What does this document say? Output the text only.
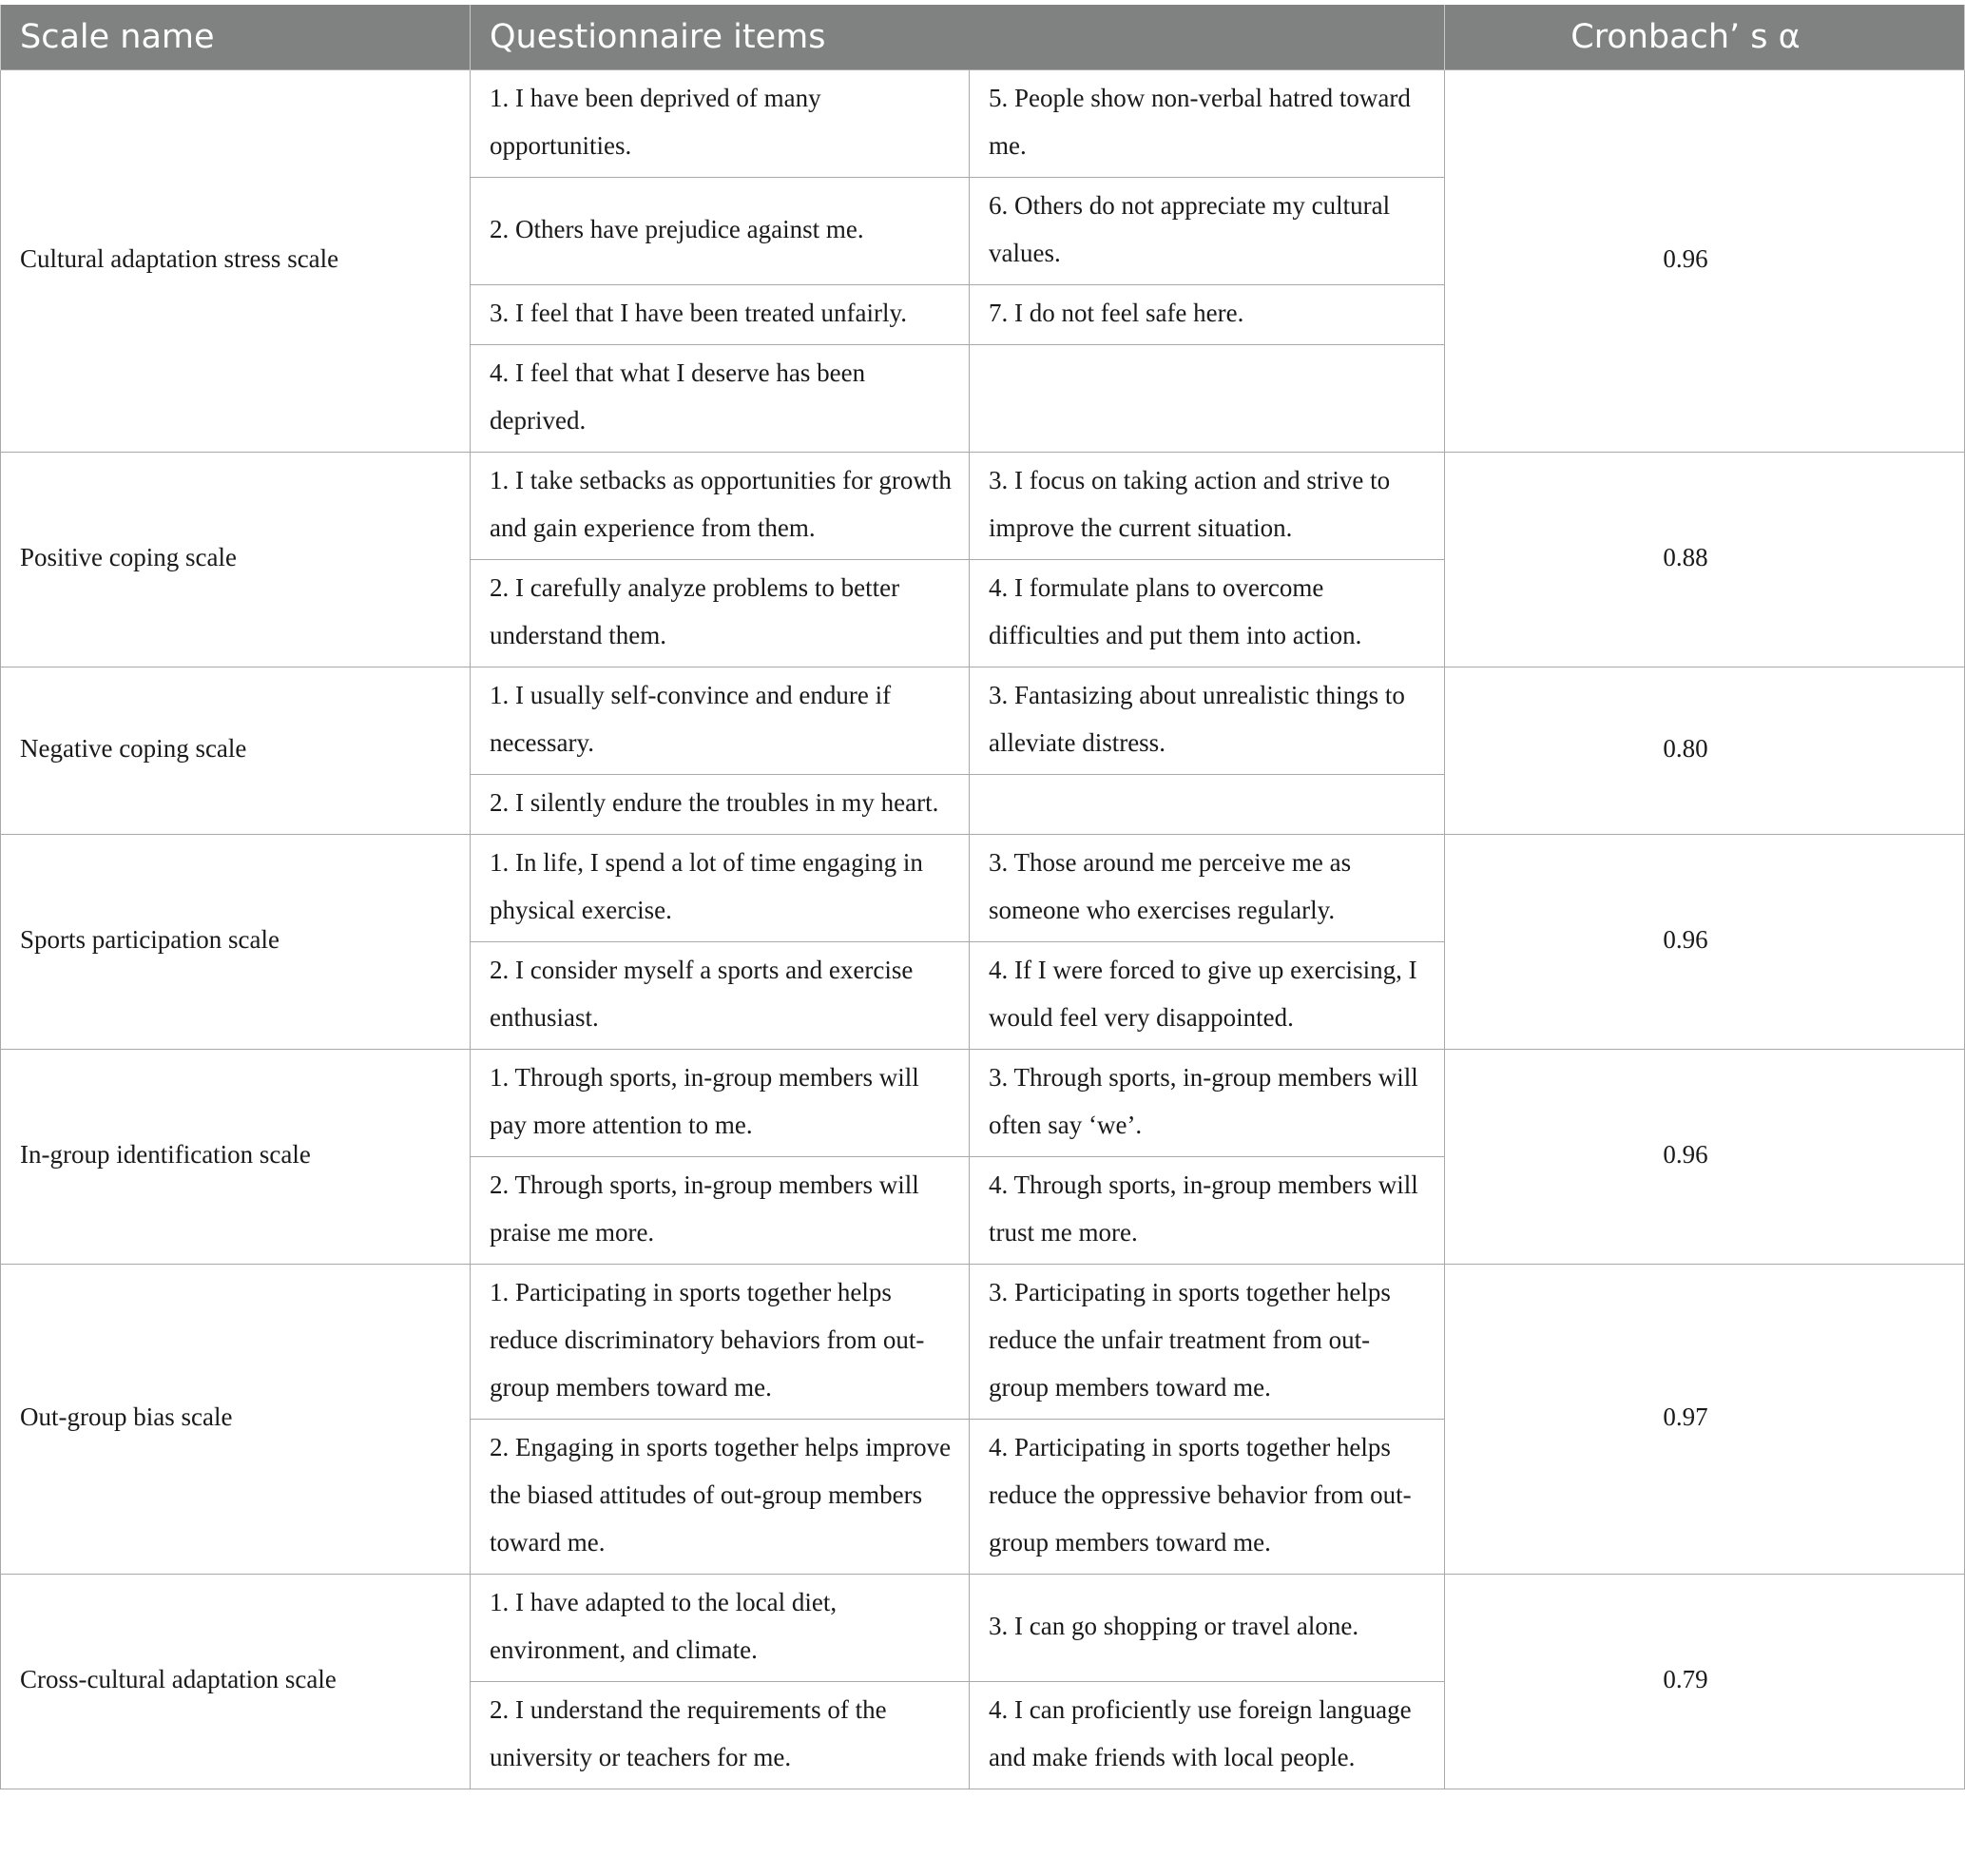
Scale name	Questionnaire items		Cronbach’ s α
Cultural adaptation stress scale	1. I have been deprived of many opportunities.	5. People show non-verbal hatred toward me.	0.96
	2. Others have prejudice against me.	6. Others do not appreciate my cultural values.	
	3. I feel that I have been treated unfairly.	7. I do not feel safe here.	
	4. I feel that what I deserve has been deprived.		
Positive coping scale	1. I take setbacks as opportunities for growth and gain experience from them.	3. I focus on taking action and strive to improve the current situation.	0.88
	2. I carefully analyze problems to better understand them.	4. I formulate plans to overcome difficulties and put them into action.	
Negative coping scale	1. I usually self-convince and endure if necessary.	3. Fantasizing about unrealistic things to alleviate distress.	0.80
	2. I silently endure the troubles in my heart.		
Sports participation scale	1. In life, I spend a lot of time engaging in physical exercise.	3. Those around me perceive me as someone who exercises regularly.	0.96
	2. I consider myself a sports and exercise enthusiast.	4. If I were forced to give up exercising, I would feel very disappointed.	
In-group identification scale	1. Through sports, in-group members will pay more attention to me.	3. Through sports, in-group members will often say ‘we’.	0.96
	2. Through sports, in-group members will praise me more.	4. Through sports, in-group members will trust me more.	
Out-group bias scale	1. Participating in sports together helps reduce discriminatory behaviors from out-group members toward me.	3. Participating in sports together helps reduce the unfair treatment from out-group members toward me.	0.97
	2. Engaging in sports together helps improve the biased attitudes of out-group members toward me.	4. Participating in sports together helps reduce the oppressive behavior from out-group members toward me.	
Cross-cultural adaptation scale	1. I have adapted to the local diet, environment, and climate.	3. I can go shopping or travel alone.	0.79
	2. I understand the requirements of the university or teachers for me.	4. I can proficiently use foreign language and make friends with local people.	
